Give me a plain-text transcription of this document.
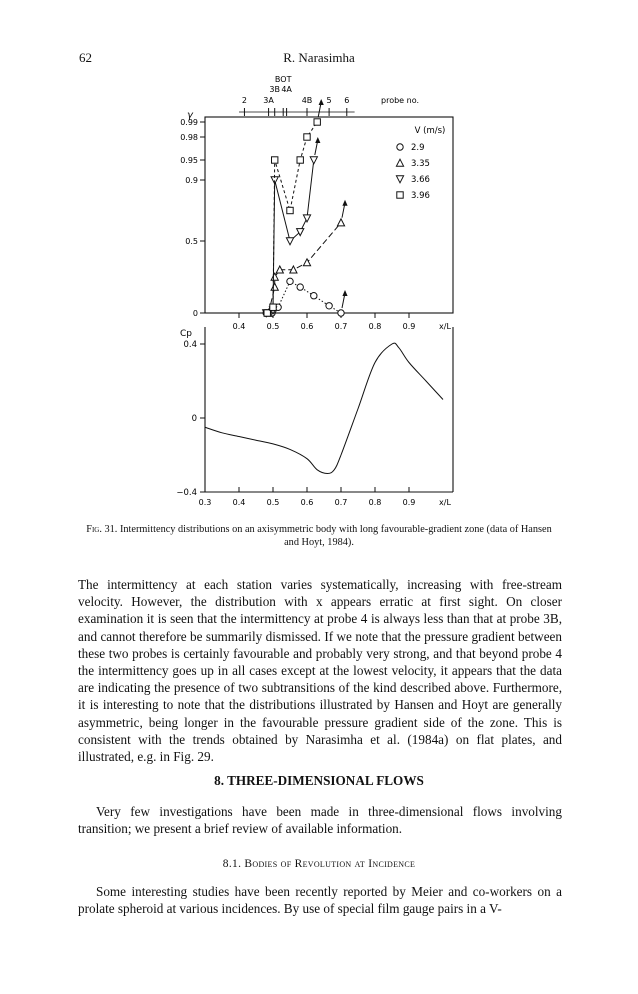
62	R. Narasimha
0
0.5
0.9
0.95
0.98
0.99
γ
0.4	0.5	0.6	0.7	0.8	0.9	x/L
2 3A
3B
BOT
4A
4B 5 6	probe no.
V (m/s)
2.9
3.35
3.66
3.96
Cp
0.4
0
−0.4
0.3	0.4	0.5	0.6	0.7	0.8	0.9	x/L
Fig. 31. Intermittency distributions on an axisymmetric body with long favourable-gradient zone (data of Hansen and Hoyt, 1984).

The intermittency at each station varies systematically, increasing with free-stream velocity. However, the distribution with x appears erratic at first sight. On closer examination it is seen that the intermittency at probe 4 is always less than that at probe 3B, and cannot therefore be summarily dismissed. If we note that the pressure gradient between these two probes is certainly favourable and probably very strong, and that beyond probe 4 the intermittency goes up in all cases except at the lowest velocity, it appears that the data are indicating the presence of two subtransitions of the kind described above. Furthermore, it is interesting to note that the distributions illustrated by Hansen and Hoyt are generally asymmetric, being longer in the favourable pressure gradient side of the zone. This is consistent with the trends obtained by Narasimha et al. (1984a) on flat plates, and illustrated, e.g. in Fig. 29.

8. THREE-DIMENSIONAL FLOWS

Very few investigations have been made in three-dimensional flows involving transition; we present a brief review of available information.

8.1. Bodies of Revolution at Incidence

Some interesting studies have been recently reported by Meier and co-workers on a prolate spheroid at various incidences. By use of special film gauge pairs in a V-
